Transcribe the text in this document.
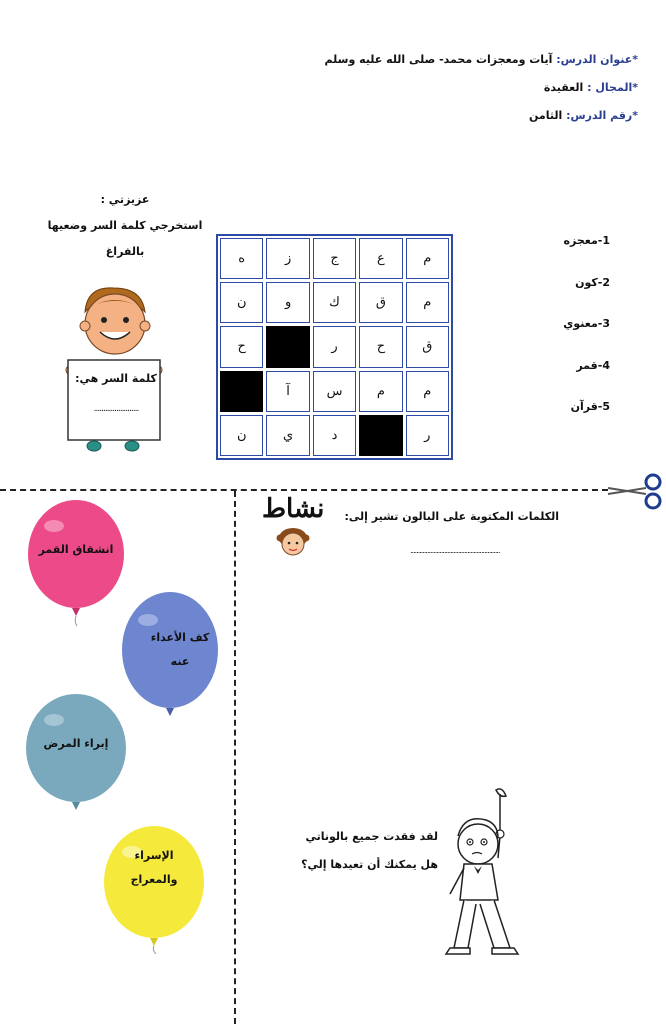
*عنوان الدرس: آيات ومعجزات محمد- صلى الله عليه وسلم
*المجال : العقيدة
*رقم الدرس: الثامن
عزيزتي :
استخرجي كلمة السر وضعيها
بالفراغ
كلمة السر هي:
........................
م
ع
ج
ز
ه
م
ق
ك
و
ن
ق
ح
ر
ح
م
م
س
آ
ر
د
ي
ن
1-معجزه
2-كون
3-معنوي
4-قمر
5-قرآن
نشاط الكلمات المكتوبة على البالون تشير إلى:
..........................................................
انشقاق القمر
كف الأعداء عنه
إبراء المرض
الإسراء والمعراج
لقد فقدت جميع بالوناتي
هل يمكنك أن تعيدها إلي؟
